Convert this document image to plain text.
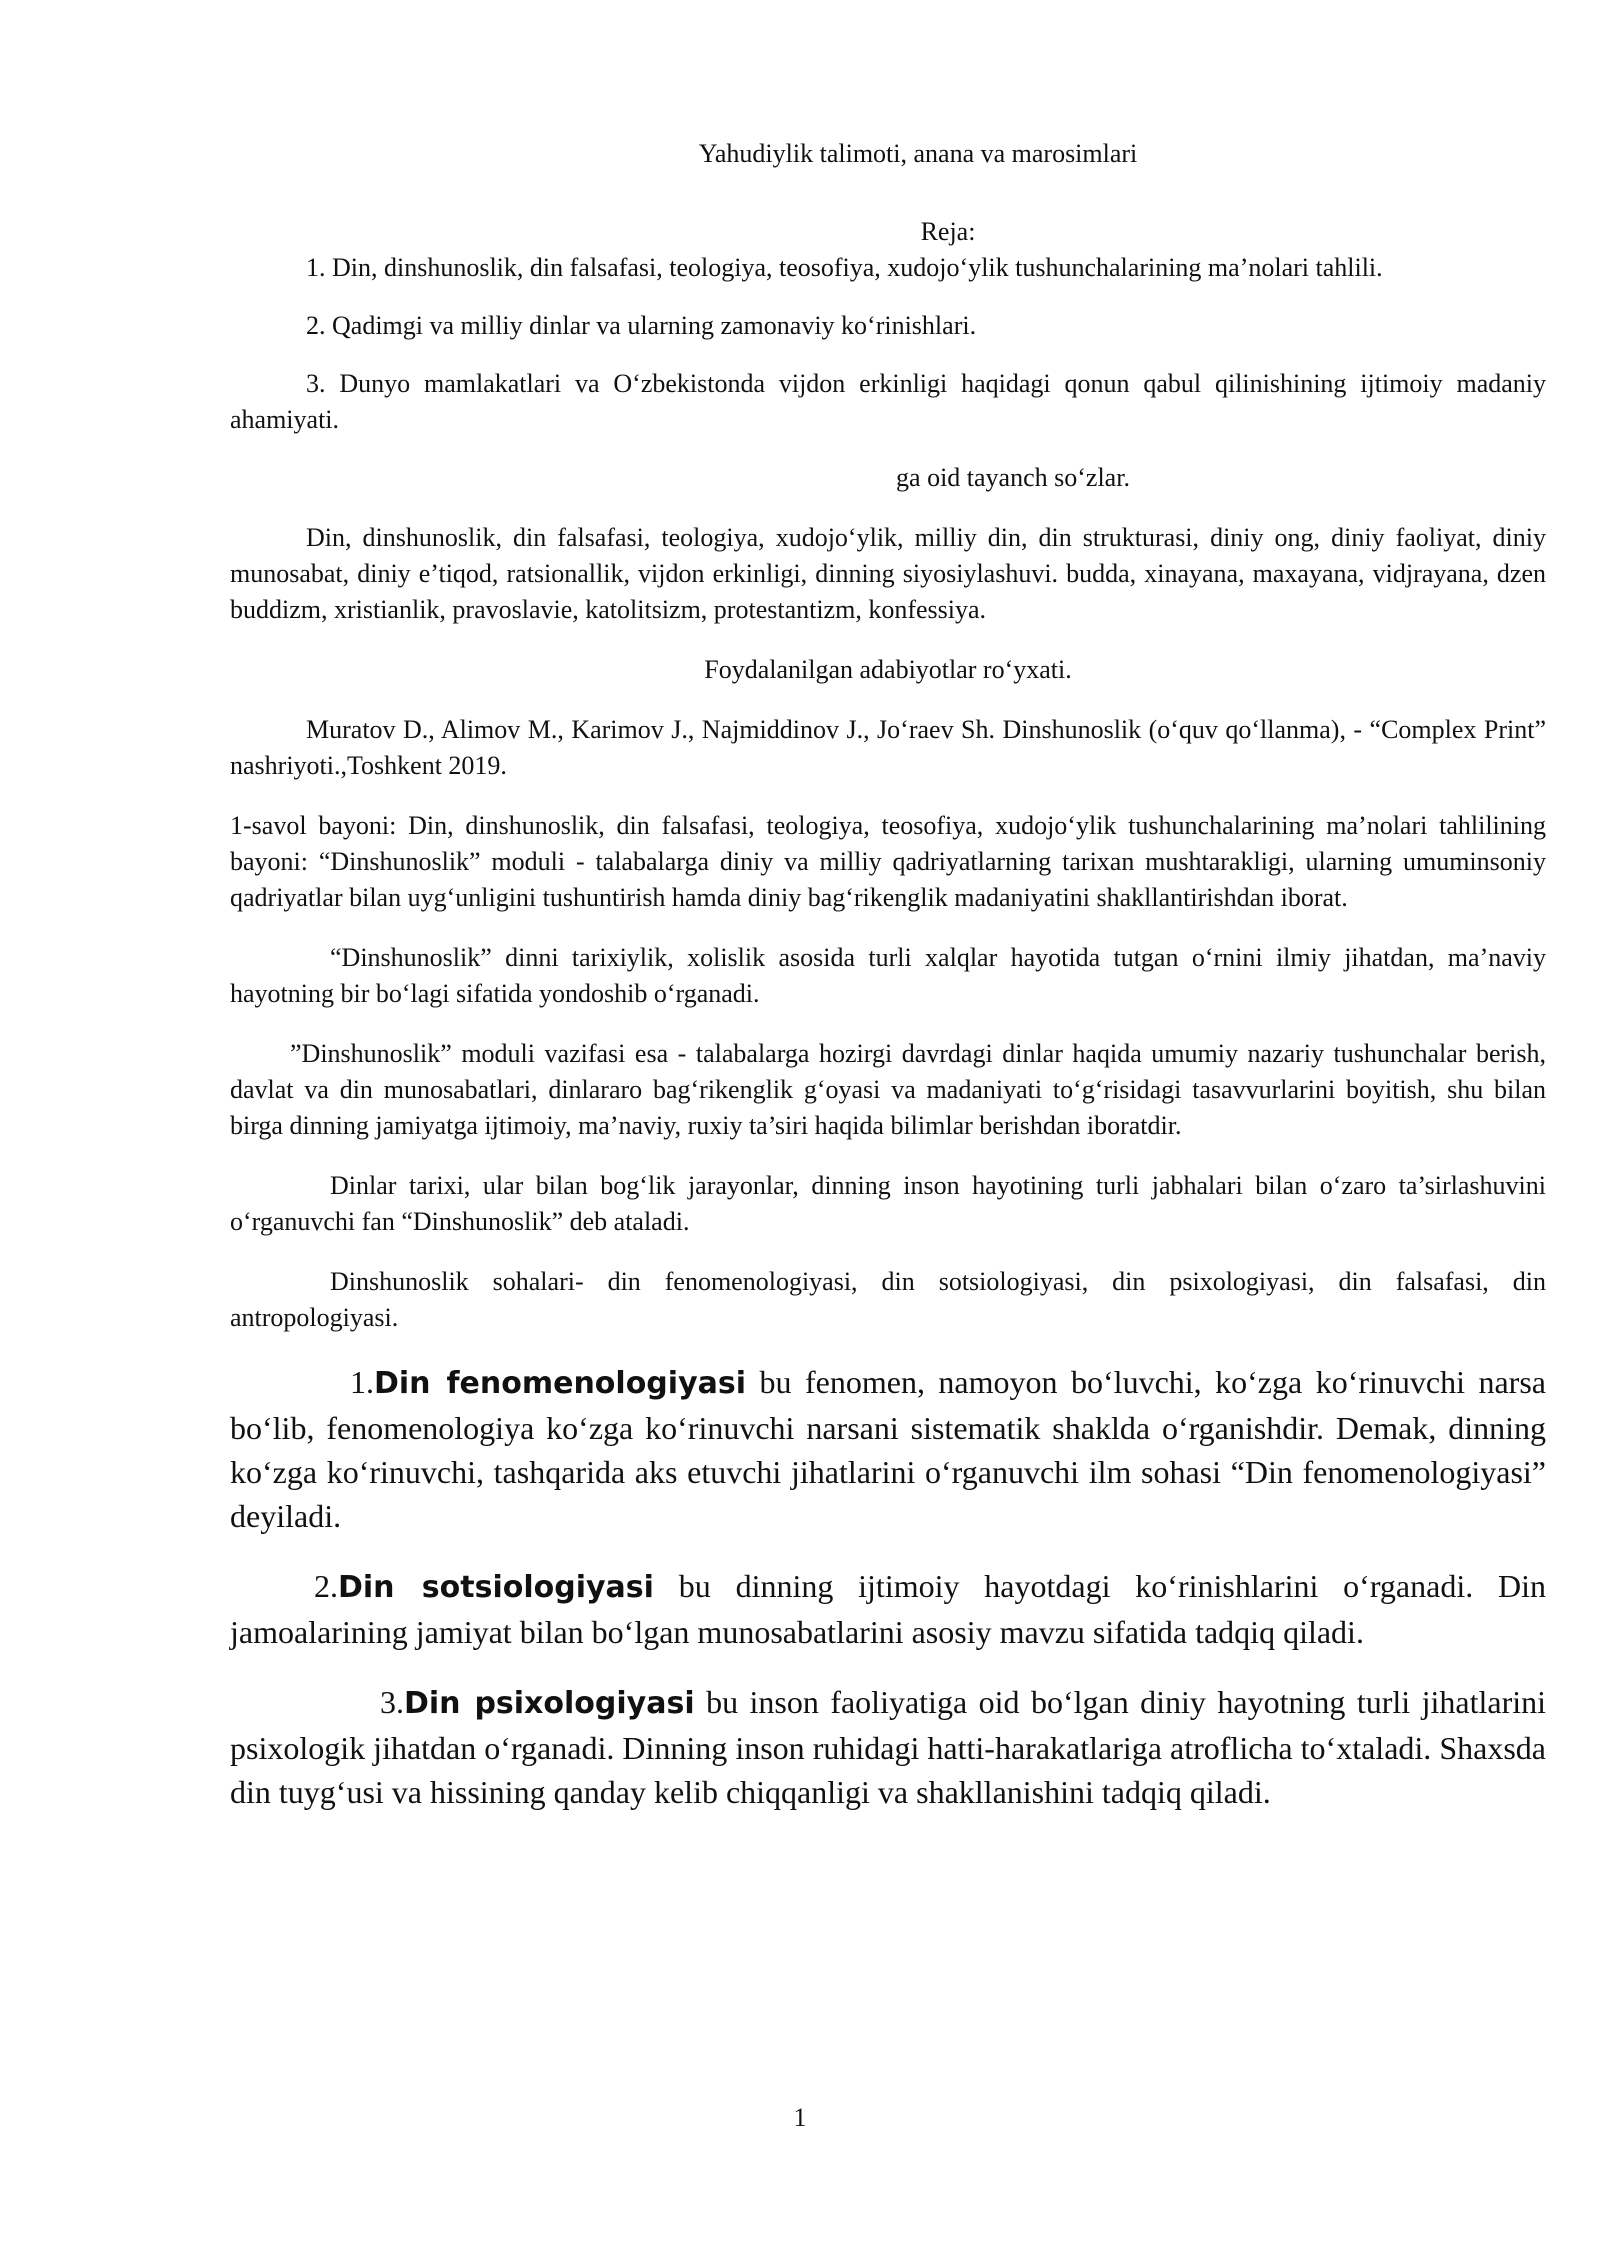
Yahudiylik talimoti, anana va marosimlari
Reja:

1. Din, dinshunoslik, din falsafasi, teologiya, teosofiya, xudojo‘ylik tushunchalarining ma’nolari tahlili.

2. Qadimgi va milliy dinlar va ularning zamonaviy ko‘rinishlari.

3. Dunyo mamlakatlari va O‘zbekistonda vijdon erkinligi haqidagi qonun qabul qilinishining ijtimoiy madaniy ahamiyati.

ga oid tayanch so‘zlar.

Din, dinshunoslik, din falsafasi, teologiya, xudojo‘ylik, milliy din, din strukturasi, diniy ong, diniy faoliyat, diniy munosabat, diniy e’tiqod, ratsionallik, vijdon erkinligi, dinning siyosiylashuvi. budda, xinayana, maxayana, vidjrayana, dzen buddizm, xristianlik, pravoslavie, katolitsizm, protestantizm, konfessiya.

Foydalanilgan adabiyotlar ro‘yxati.

Muratov D., Alimov M., Karimov J., Najmiddinov J., Jo‘raev Sh. Dinshunoslik (o‘quv qo‘llanma), - “Complex Print” nashriyoti.,Toshkent 2019.

1-savol bayoni: Din, dinshunoslik, din falsafasi, teologiya, teosofiya, xudojo‘ylik tushunchalarining ma’nolari tahlilining bayoni: “Dinshunoslik” moduli - talabalarga diniy va milliy qadriyatlarning tarixan mushtarakligi, ularning umuminsoniy qadriyatlar bilan uyg‘unligini tushuntirish hamda diniy bag‘rikenglik madaniyatini shakllantirishdan iborat.

“Dinshunoslik” dinni tarixiylik, xolislik asosida turli xalqlar hayotida tutgan o‘rnini ilmiy jihatdan, ma’naviy hayotning bir bo‘lagi sifatida yondoshib o‘rganadi.

”Dinshunoslik” moduli vazifasi esa - talabalarga hozirgi davrdagi dinlar haqida umumiy nazariy tushunchalar berish, davlat va din munosabatlari, dinlararo bag‘rikenglik g‘oyasi va madaniyati to‘g‘risidagi tasavvurlarini boyitish, shu bilan birga dinning jamiyatga ijtimoiy, ma’naviy, ruxiy ta’siri haqida bilimlar berishdan iboratdir.

Dinlar tarixi, ular bilan bog‘lik jarayonlar, dinning inson hayotining turli jabhalari bilan o‘zaro ta’sirlashuvini o‘rganuvchi fan “Dinshunoslik” deb ataladi.

Dinshunoslik sohalari- din fenomenologiyasi, din sotsiologiyasi, din psixologiyasi, din falsafasi, din antropologiyasi.

1.Din fenomenologiyasi bu fenomen, namoyon bo‘luvchi, ko‘zga ko‘rinuvchi narsa bo‘lib, fenomenologiya ko‘zga ko‘rinuvchi narsani sistematik shaklda o‘rganishdir. Demak, dinning ko‘zga ko‘rinuvchi, tashqarida aks etuvchi jihatlarini o‘rganuvchi ilm sohasi “Din fenomenologiyasi” deyiladi.

2.Din sotsiologiyasi bu dinning ijtimoiy hayotdagi ko‘rinishlarini o‘rganadi. Din jamoalarining jamiyat bilan bo‘lgan munosabatlarini asosiy mavzu sifatida tadqiq qiladi.

3.Din psixologiyasi bu inson faoliyatiga oid bo‘lgan diniy hayotning turli jihatlarini psixologik jihatdan o‘rganadi. Dinning inson ruhidagi hatti-harakatlariga atroflicha to‘xtaladi. Shaxsda din tuyg‘usi va hissining qanday kelib chiqqanligi va shakllanishini tadqiq qiladi.

1
